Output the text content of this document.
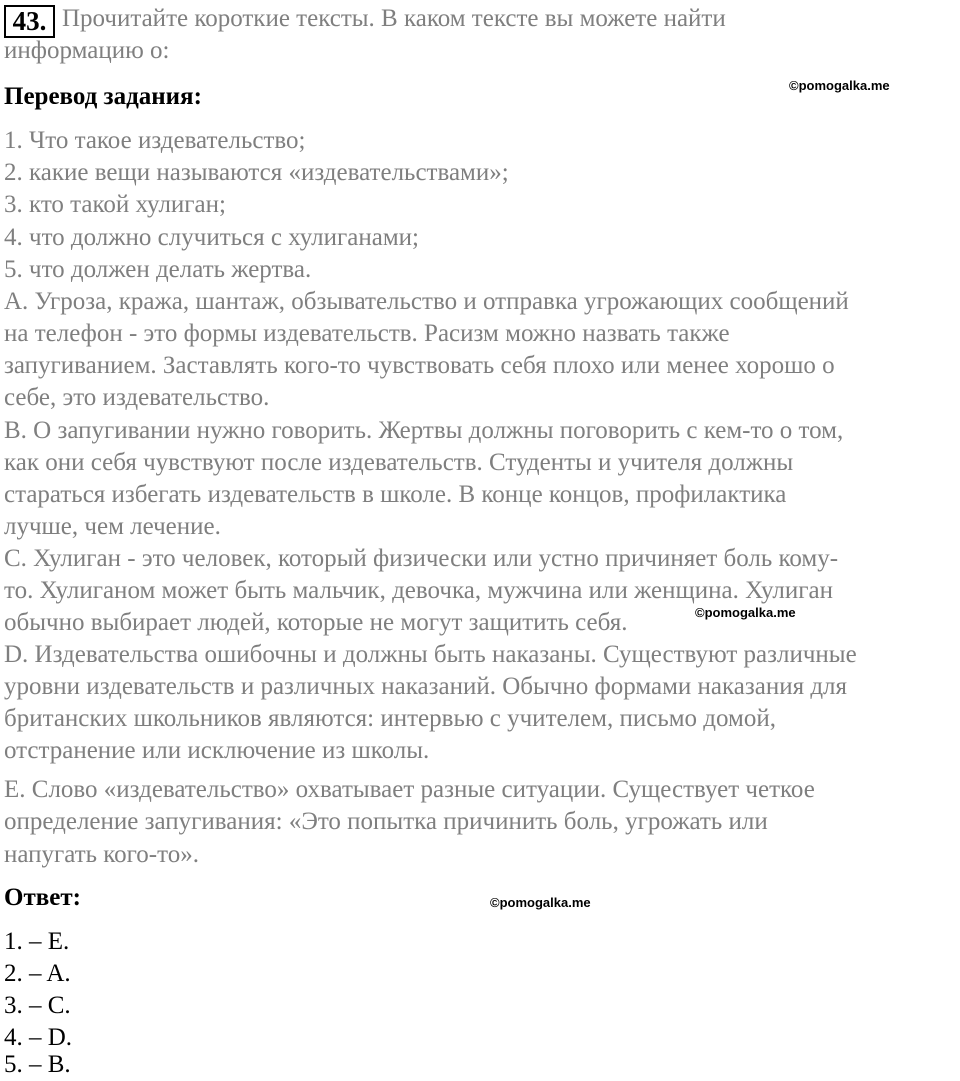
43. Прочитайте короткие тексты. В каком тексте вы можете найти
информацию о:
Перевод задания:	©pomogalka.me
1. Что такое издевательство;
2. какие вещи называются «издевательствами»;
3. кто такой хулиган;
4. что должно случиться с хулиганами;
5. что должен делать жертва.
А. Угроза, кража, шантаж, обзывательство и отправка угрожающих сообщений
на телефон - это формы издевательств. Расизм можно назвать также
запугиванием. Заставлять кого-то чувствовать себя плохо или менее хорошо о
себе, это издевательство.
B. О запугивании нужно говорить. Жертвы должны поговорить с кем-то о том,
как они себя чувствуют после издевательств. Студенты и учителя должны
стараться избегать издевательств в школе. В конце концов, профилактика
лучше, чем лечение.
C. Хулиган - это человек, который физически или устно причиняет боль кому-
то. Хулиганом может быть мальчик, девочка, мужчина или женщина. Хулиган
обычно выбирает людей, которые не могут защитить себя.	©pomogalka.me
D. Издевательства ошибочны и должны быть наказаны. Существуют различные
уровни издевательств и различных наказаний. Обычно формами наказания для
британских школьников являются: интервью с учителем, письмо домой,
отстранение или исключение из школы.
E. Слово «издевательство» охватывает разные ситуации. Существует четкое
определение запугивания: «Это попытка причинить боль, угрожать или
напугать кого-то».
Ответ:	©pomogalka.me
1. – E.
2. – A.
3. – C.
4. – D.
5. – B.
